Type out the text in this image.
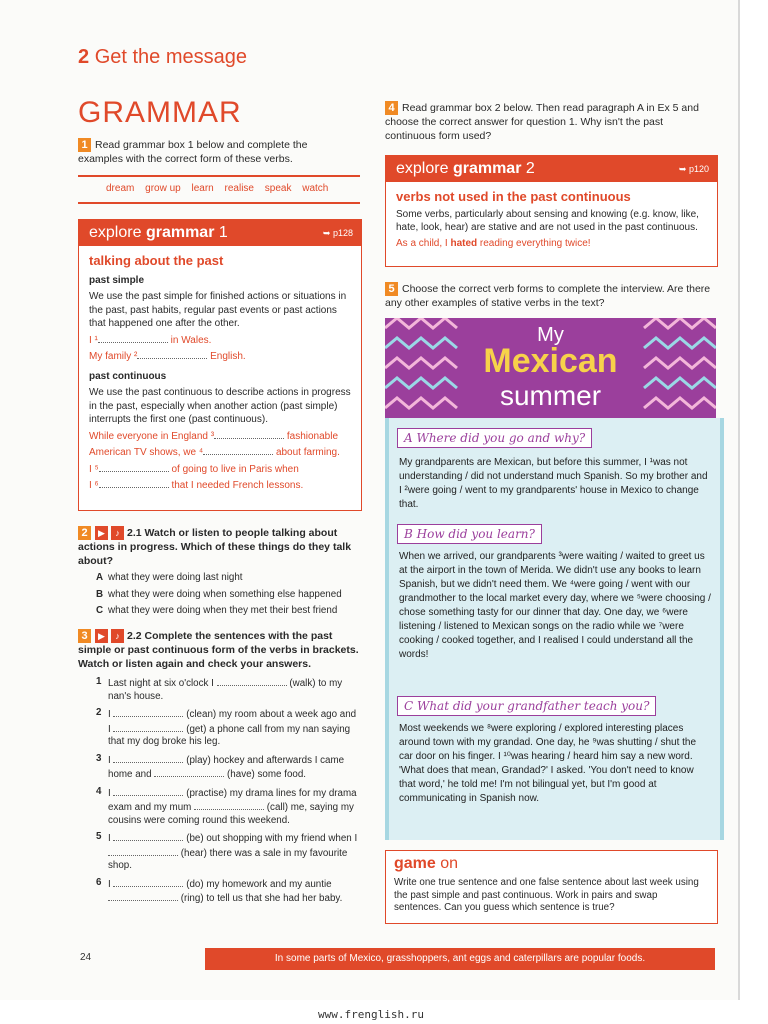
2 Get the message
GRAMMAR
1 Read grammar box 1 below and complete the examples with the correct form of these verbs.
dream grow up learn realise speak watch
explore grammar 1	➥ p128
talking about the past
past simple

We use the past simple for finished actions or situations in the past, past habits, regular past events or past actions that happened one after the other.

I ¹	in Wales.

My family ²	English.

past continuous

We use the past continuous to describe actions in progress in the past, especially when another action (past simple) interrupts the first one (past continuous).

While everyone in England ³	fashionable

American TV shows, we ⁴	about farming.

I ⁵	of going to live in Paris when

I ⁶	that I needed French lessons.

2 ▶ ♪ 2.1 Watch or listen to people talking about actions in progress. Which of these things do they talk about?
A what they were doing last night
B what they were doing when something else happened
C what they were doing when they met their best friend
3 ▶ ♪ 2.2 Complete the sentences with the past simple or past continuous form of the verbs in brackets. Watch or listen again and check your answers.
1 Last night at six o'clock I	(walk) to my nan's house.
2 I	(clean) my room about a week ago and I	(get) a phone call from my nan saying that my dog broke his leg.
3 I	(play) hockey and afterwards I came home and	(have) some food.
4 I	(practise) my drama lines for my drama exam and my mum	(call) me, saying my cousins were coming round this weekend.
5 I	(be) out shopping with my friend when I  (hear) there was a sale in my favourite shop.
6 I	(do) my homework and my auntie  (ring) to tell us that she had her baby.
4 Read grammar box 2 below. Then read paragraph A in Ex 5 and choose the correct answer for question 1. Why isn't the past continuous form used?
explore grammar 2	➥ p120
verbs not used in the past continuous

Some verbs, particularly about sensing and knowing (e.g. know, like, hate, look, hear) are stative and are not used in the past continuous.

As a child, I hated reading everything twice!

5 Choose the correct verb forms to complete the interview. Are there any other examples of stative verbs in the text?
My
Mexican
summer
A Where did you go and why?
My grandparents are Mexican, but before this summer, I ¹was not understanding / did not understand much Spanish. So my brother and I ²were going / went to my grandparents' house in Mexico to change that.
B How did you learn?
When we arrived, our grandparents ³were waiting / waited to greet us at the airport in the town of Merida. We didn't use any books to learn Spanish, but we didn't need them. We ⁴were going / went with our grandmother to the local market every day, where we ⁵were choosing / chose something tasty for our dinner that day. One day, we ⁶were listening / listened to Mexican songs on the radio while we ⁷were cooking / cooked together, and I realised I could understand all the words!
C What did your grandfather teach you?
Most weekends we ⁸were exploring / explored interesting places around town with my grandad. One day, he ⁹was shutting / shut the car door on his finger. I ¹⁰was hearing / heard him say a new word. 'What does that mean, Grandad?' I asked. 'You don't need to know that word,' he told me! I'm not bilingual yet, but I'm good at communicating in Spanish now.
game on
Write one true sentence and one false sentence about last week using the past simple and past continuous. Work in pairs and swap sentences. Can you guess which sentence is true?
24	In some parts of Mexico, grasshoppers, ant eggs and caterpillars are popular foods.
www.frenglish.ru
